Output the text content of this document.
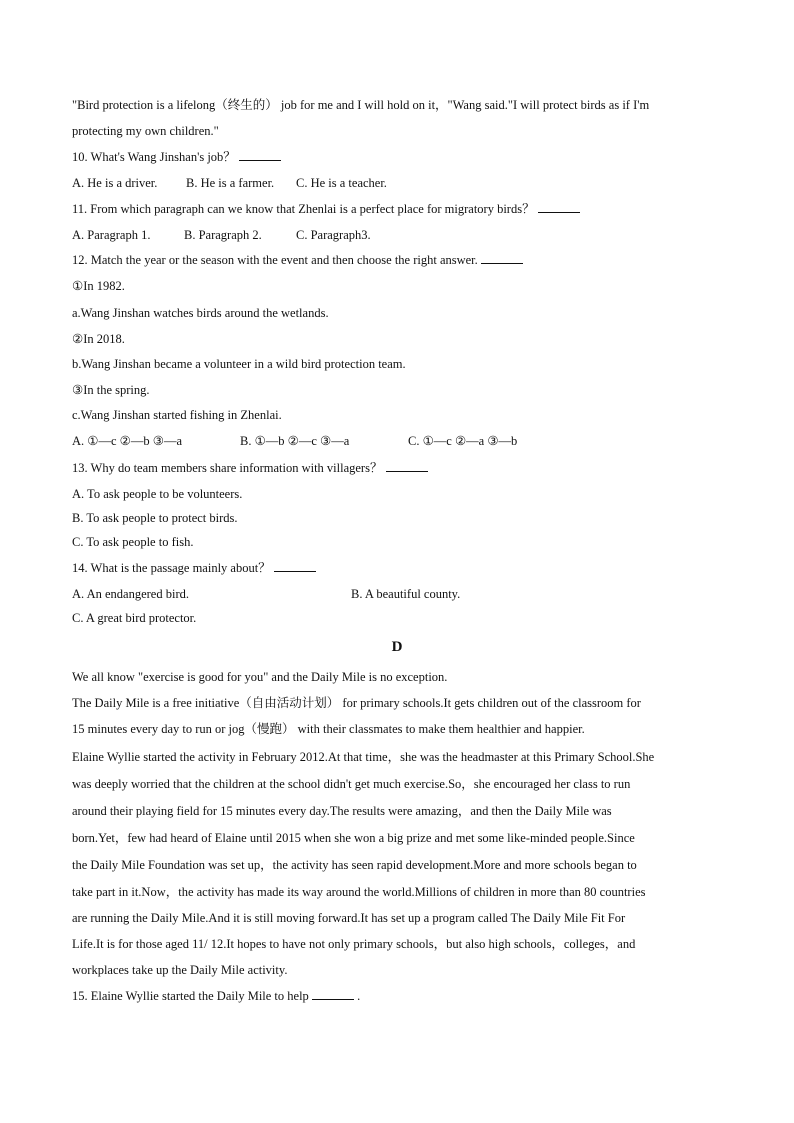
"Bird protection is a lifelong（终生的） job for me and I will hold on it，"Wang said."I will protect birds as if I'm
protecting my own children."
10. What's Wang Jinshan's job？
A. He is a driver. B. He is a farmer. C. He is a teacher.
11. From which paragraph can we know that Zhenlai is a perfect place for migratory birds？
A. Paragraph 1.	B. Paragraph 2.	C. Paragraph3.
12. Match the year or the season with the event and then choose the right answer.
①In 1982.
a.Wang Jinshan watches birds around the wetlands.
②In 2018.
b.Wang Jinshan became a volunteer in a wild bird protection team.
③In the spring.
c.Wang Jinshan started fishing in Zhenlai.
A. ①—c ②—b ③—a	B. ①—b ②—c ③—a	C. ①—c ②—a ③—b
13. Why do team members share information with villagers？
A. To ask people to be volunteers.
B. To ask people to protect birds.
C. To ask people to fish.
14. What is the passage mainly about？
A. An endangered bird.	B. A beautiful county.
C. A great bird protector.
D
We all know "exercise is good for you" and the Daily Mile is no exception.
The Daily Mile is a free initiative（自由活动计划） for primary schools.It gets children out of the classroom for
15 minutes every day to run or jog（慢跑） with their classmates to make them healthier and happier.
Elaine Wyllie started the activity in February 2012.At that time，she was the headmaster at this Primary School.She
was deeply worried that the children at the school didn't get much exercise.So，she encouraged her class to run
around their playing field for 15 minutes every day.The results were amazing，and then the Daily Mile was
born.Yet，few had heard of Elaine until 2015 when she won a big prize and met some like-minded people.Since
the Daily Mile Foundation was set up，the activity has seen rapid development.More and more schools began to
take part in it.Now，the activity has made its way around the world.Millions of children in more than 80 countries
are running the Daily Mile.And it is still moving forward.It has set up a program called The Daily Mile Fit For
Life.It is for those aged 11/ 12.It hopes to have not only primary schools，but also high schools，colleges，and
workplaces take up the Daily Mile activity.
15. Elaine Wyllie started the Daily Mile to help	.
